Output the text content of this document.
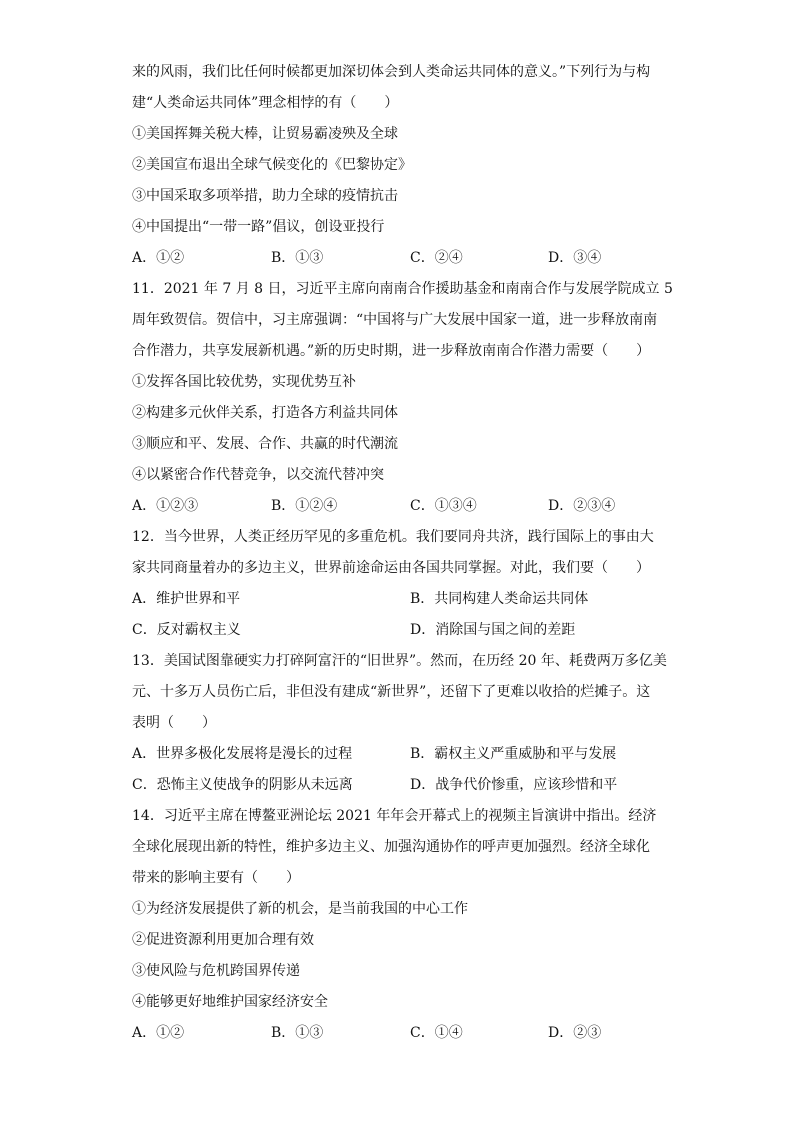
来的风雨，我们比任何时候都更加深切体会到人类命运共同体的意义。”下列行为与构
建“人类命运共同体”理念相悖的有（　　）
①美国挥舞关税大棒，让贸易霸凌殃及全球
②美国宣布退出全球气候变化的《巴黎协定》
③中国采取多项举措，助力全球的疫情抗击
④中国提出“一带一路”倡议，创设亚投行
A．①②	B．①③	C．②④	D．③④
11．2021 年 7 月 8 日，习近平主席向南南合作援助基金和南南合作与发展学院成立 5
周年致贺信。贺信中，习主席强调：“中国将与广大发展中国家一道，进一步释放南南
合作潜力，共享发展新机遇。”新的历史时期，进一步释放南南合作潜力需要（　　）
①发挥各国比较优势，实现优势互补
②构建多元伙伴关系，打造各方利益共同体
③顺应和平、发展、合作、共赢的时代潮流
④以紧密合作代替竞争，以交流代替冲突
A．①②③	B．①②④	C．①③④	D．②③④
12．当今世界，人类正经历罕见的多重危机。我们要同舟共济，践行国际上的事由大
家共同商量着办的多边主义，世界前途命运由各国共同掌握。对此，我们要（　　）
A．维护世界和平	B．共同构建人类命运共同体
C．反对霸权主义	D．消除国与国之间的差距
13．美国试图靠硬实力打碎阿富汗的“旧世界”。然而，在历经 20 年、耗费两万多亿美
元、十多万人员伤亡后，非但没有建成“新世界”，还留下了更难以收拾的烂摊子。这
表明（　　）
A．世界多极化发展将是漫长的过程	B．霸权主义严重威胁和平与发展
C．恐怖主义使战争的阴影从未远离	D．战争代价惨重，应该珍惜和平
14．习近平主席在博鳌亚洲论坛 2021 年年会开幕式上的视频主旨演讲中指出。经济
全球化展现出新的特性，维护多边主义、加强沟通协作的呼声更加强烈。经济全球化
带来的影响主要有（　　）
①为经济发展提供了新的机会，是当前我国的中心工作
②促进资源利用更加合理有效
③使风险与危机跨国界传递
④能够更好地维护国家经济安全
A．①②	B．①③	C．①④	D．②③
